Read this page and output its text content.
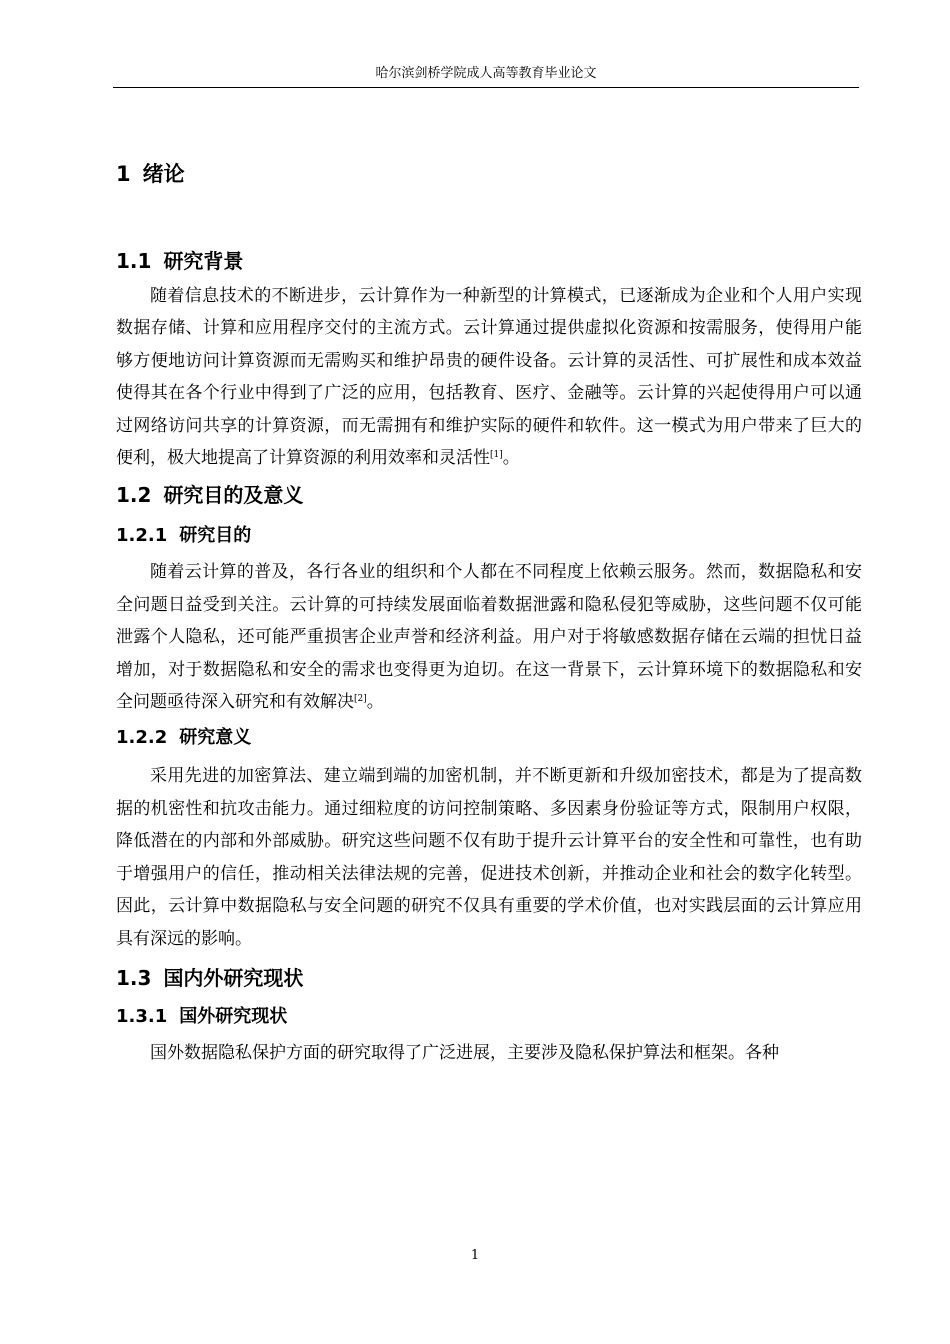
哈尔滨剑桥学院成人高等教育毕业论文
1 绪论
1.1 研究背景

随着信息技术的不断进步，云计算作为一种新型的计算模式，已逐渐成为企业和个人用户实现数据存储、计算和应用程序交付的主流方式。云计算通过提供虚拟化资源和按需服务，使得用户能够方便地访问计算资源而无需购买和维护昂贵的硬件设备。云计算的灵活性、可扩展性和成本效益使得其在各个行业中得到了广泛的应用，包括教育、医疗、金融等。云计算的兴起使得用户可以通过网络访问共享的计算资源，而无需拥有和维护实际的硬件和软件。这一模式为用户带来了巨大的便利，极大地提高了计算资源的利用效率和灵活性[1]。

1.2 研究目的及意义
1.2.1 研究目的

随着云计算的普及，各行各业的组织和个人都在不同程度上依赖云服务。然而，数据隐私和安全问题日益受到关注。云计算的可持续发展面临着数据泄露和隐私侵犯等威胁，这些问题不仅可能泄露个人隐私，还可能严重损害企业声誉和经济利益。用户对于将敏感数据存储在云端的担忧日益增加，对于数据隐私和安全的需求也变得更为迫切。在这一背景下，云计算环境下的数据隐私和安全问题亟待深入研究和有效解决[2]。

1.2.2 研究意义

采用先进的加密算法、建立端到端的加密机制，并不断更新和升级加密技术，都是为了提高数据的机密性和抗攻击能力。通过细粒度的访问控制策略、多因素身份验证等方式，限制用户权限，降低潜在的内部和外部威胁。研究这些问题不仅有助于提升云计算平台的安全性和可靠性，也有助于增强用户的信任，推动相关法律法规的完善，促进技术创新，并推动企业和社会的数字化转型。因此，云计算中数据隐私与安全问题的研究不仅具有重要的学术价值，也对实践层面的云计算应用具有深远的影响。

1.3 国内外研究现状
1.3.1 国外研究现状

国外数据隐私保护方面的研究取得了广泛进展，主要涉及隐私保护算法和框架。各种

1
